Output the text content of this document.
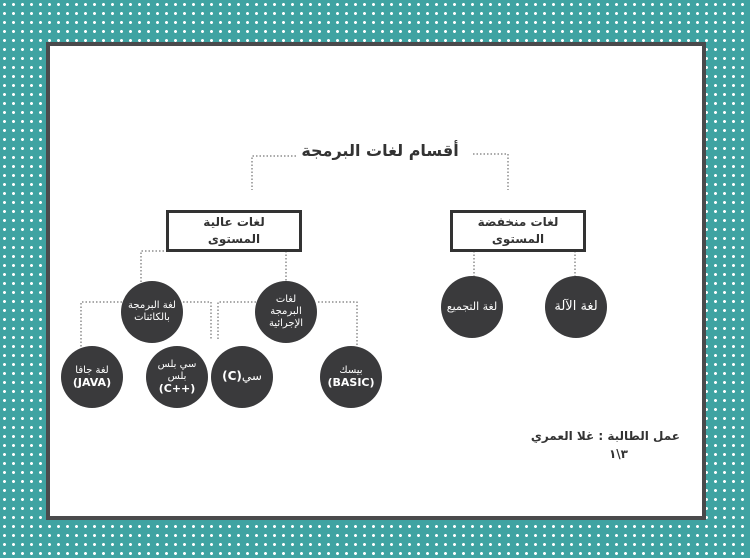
أقسام لغات البرمجة
لغات عالية
المستوى
لغات منخفضة
المستوى
لغة البرمجة
بالكائنات
لغات البرمجة
الإجرائية
لغة جافا
(JAVA)
سي بلس بلس
(C++)
سي(C)	بيسك
(BASIC)
لغة التجميع	لغة الآلة
عمل الطالبة : غلا العمري
٣\١
